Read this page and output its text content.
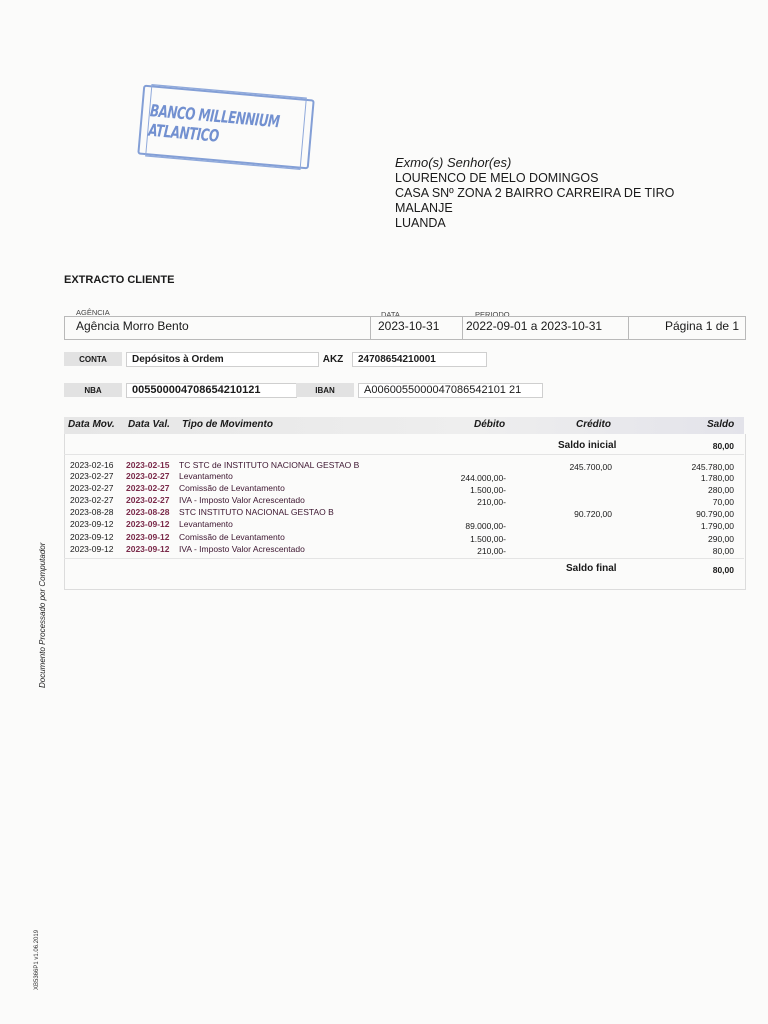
BANCO MILLENNIUM ATLANTICO
Exmo(s) Senhor(es)
LOURENCO DE MELO DOMINGOS
CASA SNº ZONA 2 BAIRRO CARREIRA DE TIRO
MALANJE
LUANDA
EXTRACTO CLIENTE
AGÊNCIA	DATA	PERIODO
Agência Morro Bento	2023-10-31 2022-09-01 a 2023-10-31	Página 1 de 1
CONTA	Depósitos à Ordem	AKZ	24708654210001
NBA	005500004708654210121	IBAN	A0060055000047086542101 21
Data Mov. Data Val. Tipo de Movimento	Débito	Crédito	Saldo
Saldo inicial	80,00
2023-02-16 2023-02-15 TC STC de INSTITUTO NACIONAL GESTAO B	245.700,00	245.780,00
2023-02-27 2023-02-27 Levantamento	244.000,00-	1.780,00
2023-02-27 2023-02-27 Comissão de Levantamento	1.500,00-	280,00
2023-02-27 2023-02-27 IVA - Imposto Valor Acrescentado	210,00-	70,00
2023-08-28 2023-08-28 STC INSTITUTO NACIONAL GESTAO B	90.720,00	90.790,00
2023-09-12 2023-09-12 Levantamento	89.000,00-	1.790,00
2023-09-12 2023-09-12 Comissão de Levantamento	1.500,00-	290,00
2023-09-12 2023-09-12 IVA - Imposto Valor Acrescentado	210,00-	80,00
Saldo final	80,00
Documento Processado por Computador
XB5366P1 v1.06.2019
